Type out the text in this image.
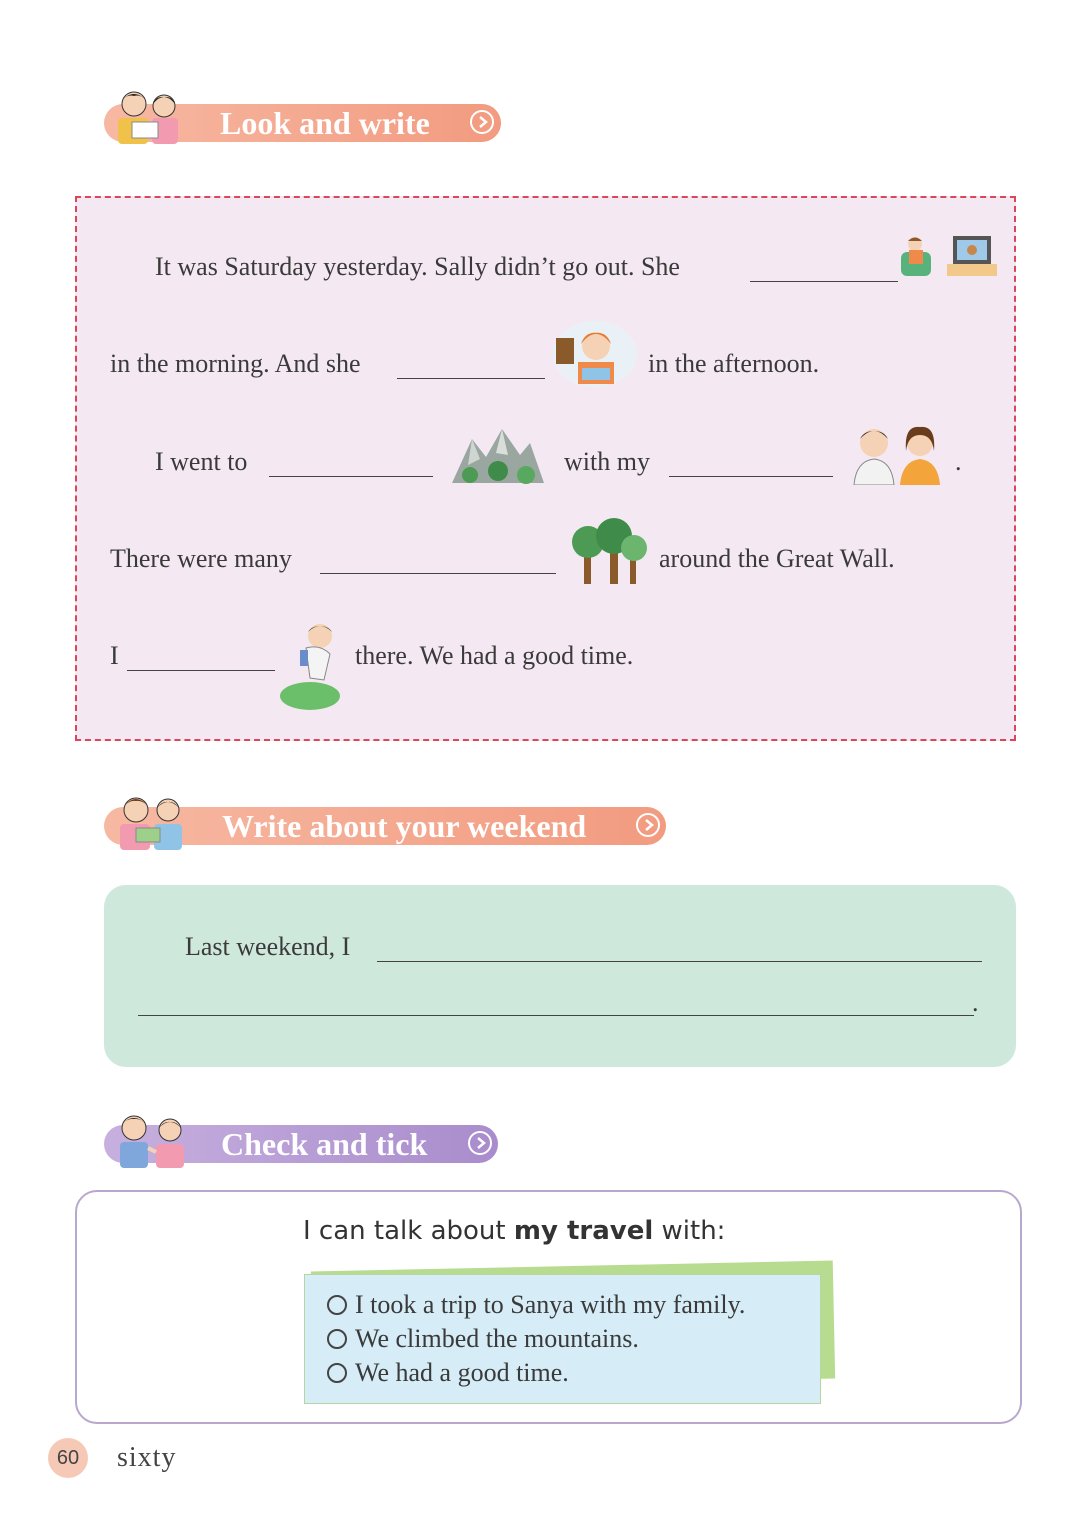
Look and write
It was Saturday yesterday. Sally didn’t go out. She
in the morning. And she	in the afternoon.
I went to	with my	.
There were many	around the Great Wall.
I	there. We had a good time.
Write about your weekend
Last weekend, I
.
Check and tick
I can talk about my travel with:
I took a trip to Sanya with my family.
We climbed the mountains.
We had a good time.
60	sixty
